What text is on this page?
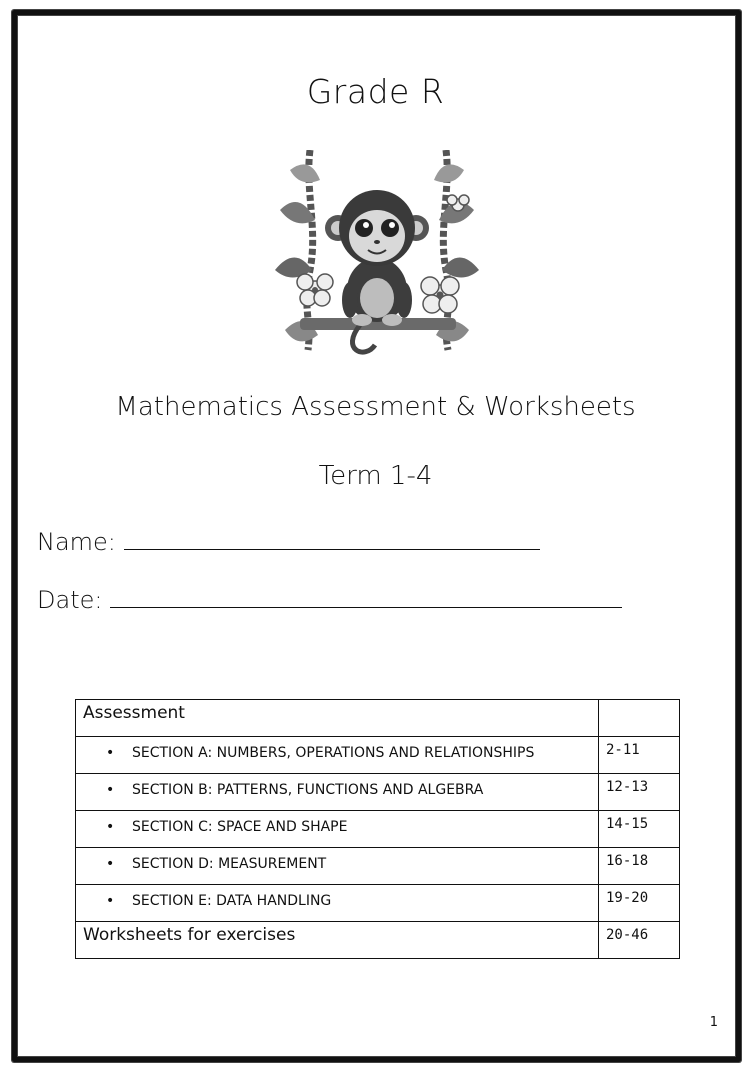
Grade R
Mathematics Assessment & Worksheets
Term 1-4
Name:
Date:
Assessment	
• SECTION A: NUMBERS, OPERATIONS AND RELATIONSHIPS	2-11
• SECTION B: PATTERNS, FUNCTIONS AND ALGEBRA	12-13
• SECTION C: SPACE AND SHAPE	14-15
• SECTION D: MEASUREMENT	16-18
• SECTION E: DATA HANDLING	19-20
Worksheets for exercises	20-46
1
